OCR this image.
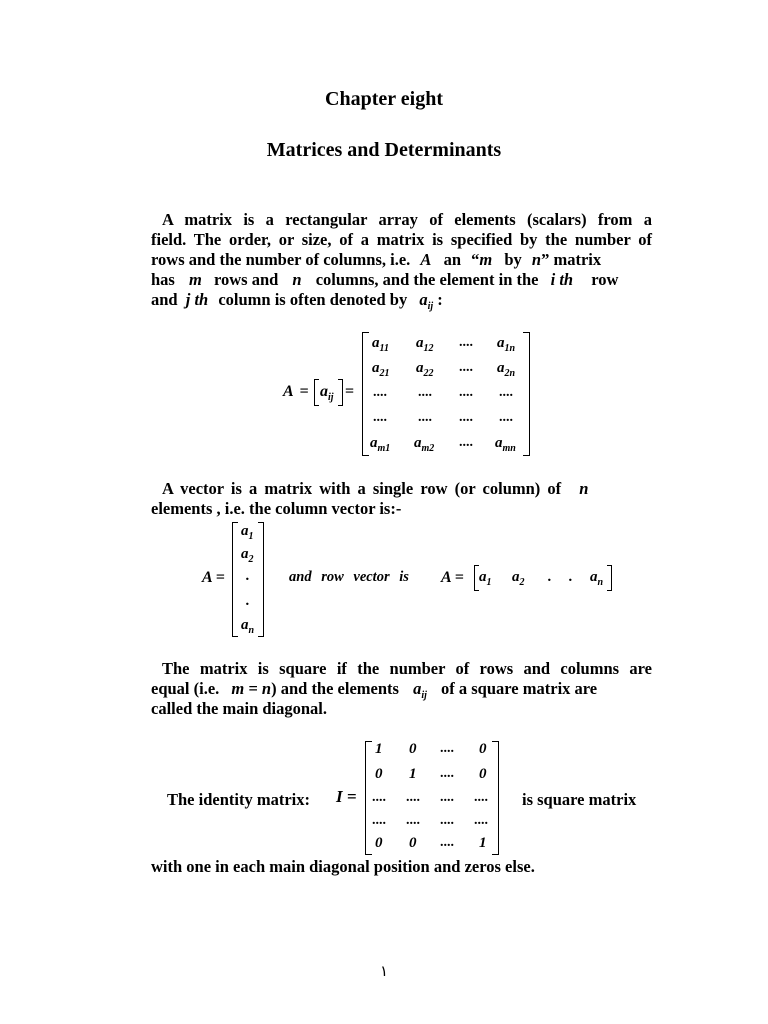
Chapter eight
Matrices and Determinants
A matrix is a rectangular array of elements (scalars) from a
field. The order, or size, of a matrix is specified by the number of
rows and the number of columns, i.e. A an “m by n” matrix
has m rows and n columns, and the element in the i th row
and j th column is often denoted by $a_{ij}$ :
$A = a_{ij}$ =
$a_{11}$ $a_{12}$ .... $a_{1n}$
$a_{21}$ $a_{22}$ .... $a_{2n}$
.... .... .... ....
.... .... .... ....
$a_{m1}$ $a_{m2}$ .... $a_{mn}$
A vector is a matrix with a single row (or column) of n
elements , i.e. the column vector is:-
A =
$a_1$
$a_2$
.
.
$a_n$
and row vector is $A = a_1$ $a_2$ . . $a_n$
The matrix is square if the number of rows and columns are
equal (i.e. m = n) and the elements $a_{ij}$ of a square matrix are
called the main diagonal.
The identity matrix: I =
1 0 .... 0
0 1 .... 0
.... .... .... ....
.... .... .... ....
0 0 .... 1
is square matrix
with one in each main diagonal position and zeros else.
١
